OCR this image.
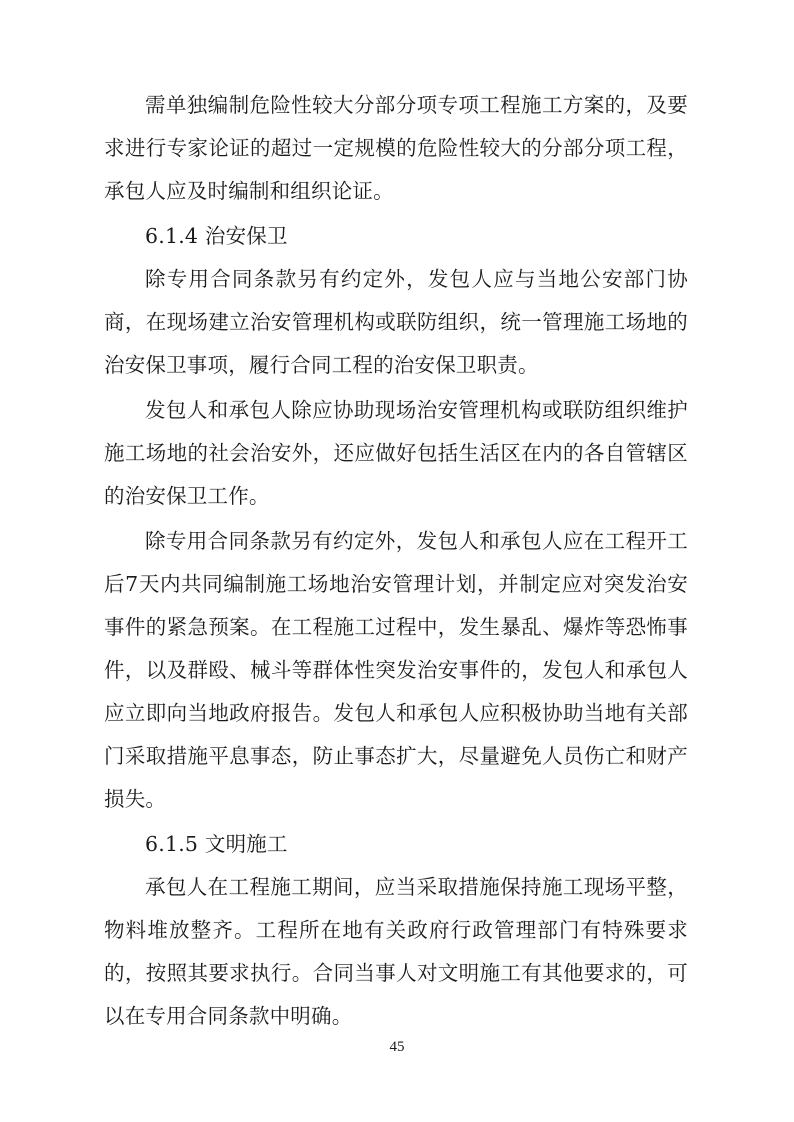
需单独编制危险性较大分部分项专项工程施工方案的，及要求进行专家论证的超过一定规模的危险性较大的分部分项工程，承包人应及时编制和组织论证。

6.1.4 治安保卫

除专用合同条款另有约定外，发包人应与当地公安部门协商，在现场建立治安管理机构或联防组织，统一管理施工场地的治安保卫事项，履行合同工程的治安保卫职责。

发包人和承包人除应协助现场治安管理机构或联防组织维护施工场地的社会治安外，还应做好包括生活区在内的各自管辖区的治安保卫工作。

除专用合同条款另有约定外，发包人和承包人应在工程开工后7天内共同编制施工场地治安管理计划，并制定应对突发治安事件的紧急预案。在工程施工过程中，发生暴乱、爆炸等恐怖事件，以及群殴、械斗等群体性突发治安事件的，发包人和承包人应立即向当地政府报告。发包人和承包人应积极协助当地有关部门采取措施平息事态，防止事态扩大，尽量避免人员伤亡和财产损失。

6.1.5 文明施工

承包人在工程施工期间，应当采取措施保持施工现场平整，物料堆放整齐。工程所在地有关政府行政管理部门有特殊要求的，按照其要求执行。合同当事人对文明施工有其他要求的，可以在专用合同条款中明确。

45
